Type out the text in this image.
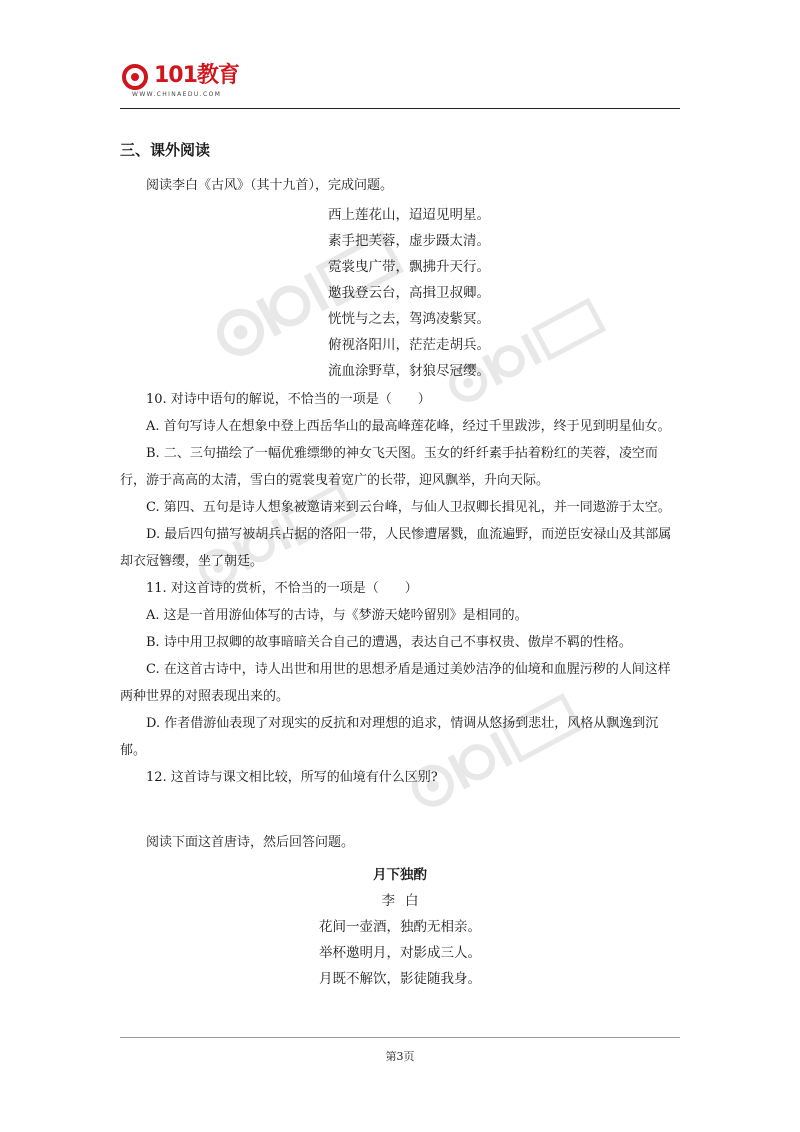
101教育
WWW.CHINAEDU.COM
三、课外阅读

阅读李白《古风》（其十九首），完成问题。

西上莲花山，迢迢见明星。
素手把芙蓉，虚步蹑太清。
霓裳曳广带，飘拂升天行。
邀我登云台，高揖卫叔卿。
恍恍与之去，驾鸿凌紫冥。
俯视洛阳川，茫茫走胡兵。
流血涂野草，豺狼尽冠缨。

10. 对诗中语句的解说，不恰当的一项是（　　）

A. 首句写诗人在想象中登上西岳华山的最高峰莲花峰，经过千里跋涉，终于见到明星仙女。

B. 二、三句描绘了一幅优雅缥缈的神女飞天图。玉女的纤纤素手拈着粉红的芙蓉，凌空而行，游于高高的太清，雪白的霓裳曳着宽广的长带，迎风飘举，升向天际。

C. 第四、五句是诗人想象被邀请来到云台峰，与仙人卫叔卿长揖见礼，并一同遨游于太空。

D. 最后四句描写被胡兵占据的洛阳一带，人民惨遭屠戮，血流遍野，而逆臣安禄山及其部属却衣冠簪缨，坐了朝廷。

11. 对这首诗的赏析，不恰当的一项是（　　）

A. 这是一首用游仙体写的古诗，与《梦游天姥吟留别》是相同的。

B. 诗中用卫叔卿的故事暗暗关合自己的遭遇，表达自己不事权贵、傲岸不羁的性格。

C. 在这首古诗中，诗人出世和用世的思想矛盾是通过美妙洁净的仙境和血腥污秽的人间这样两种世界的对照表现出来的。

D. 作者借游仙表现了对现实的反抗和对理想的追求，情调从悠扬到悲壮，风格从飘逸到沉郁。

12. 这首诗与课文相比较，所写的仙境有什么区别?

阅读下面这首唐诗，然后回答问题。

月下独酌
李白
花间一壶酒，独酌无相亲。
举杯邀明月，对影成三人。
月既不解饮，影徒随我身。
第3页
